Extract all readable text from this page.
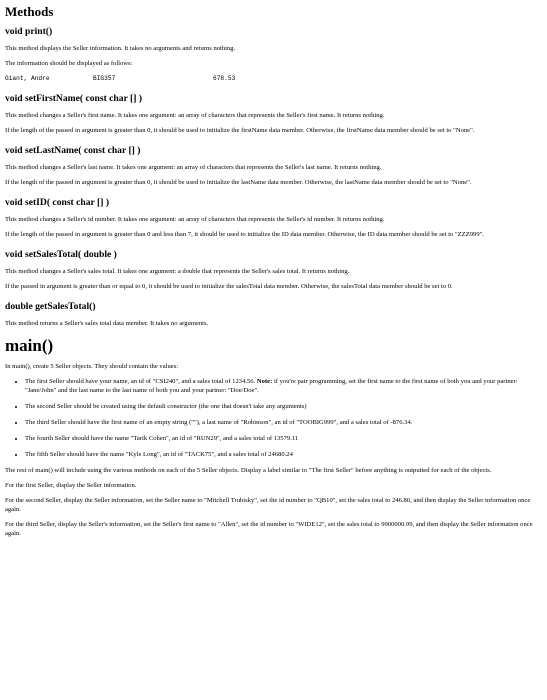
Methods
void print()

This method displays the Seller information. It takes no arguments and returns nothing.

The information should be displayed as follows:

Giant, Andre	BIG357	678.53
void setFirstName( const char [] )

This method changes a Seller's first name. It takes one argument: an array of characters that represents the Seller's first name. It returns nothing.

If the length of the passed in argument is greater than 0, it should be used to initialize the firstName data member. Otherwise, the firstName data member should be set to "None".

void setLastName( const char [] )

This method changes a Seller's last name. It takes one argument: an array of characters that represents the Seller's last name. It returns nothing.

If the length of the passed in argument is greater than 0, it should be used to initialize the lastName data member. Otherwise, the lastName data member should be set to "None".

void setID( const char [] )

This method changes a Seller's id number. It takes one argument: an array of characters that represents the Seller's id number. It returns nothing.

If the length of the passed in argument is greater than 0 and less than 7, it should be used to initialize the ID data member. Otherwise, the ID data member should be set to "ZZZ999".

void setSalesTotal( double )

This method changes a Seller's sales total. It takes one argument: a double that represents the Seller's sales total. It returns nothing.

If the passed in argument is greater than or equal to 0, it should be used to initialize the salesTotal data member. Otherwise, the salesTotal data member should be set to 0.

double getSalesTotal()

This method returns a Seller's sales total data member. It takes no arguments.

main()

In main(), create 5 Seller objects. They should contain the values:

• The first Seller should have your name, an id of "CSI240", and a sales total of 1234.56. Note: if you're pair programming, set the first name to the first name of both you and your partner: "Jane/John" and the last name to the last name of both you and your partner: "Doe/Doe".
• The second Seller should be created using the default constructor (the one that doesn't take any arguments)
• The third Seller should have the first name of an empty string (""), a last name of "Robinson", an id of "TOOBIG999", and a sales total of -876.34.
• The fourth Seller should have the name "Tarik Cohen", an id of "RUN29", and a sales total of 13579.11
• The fifth Seller should have the name "Kyle Long", an id of "TACK75", and a sales total of 24680.24

The rest of main() will include using the various methods on each of the 5 Seller objects. Display a label similar to "The first Seller" before anything is outputted for each of the objects.

For the first Seller, display the Seller information.

For the second Seller, display the Seller information, set the Seller name to "Mitchell Trubisky", set the id number to "QB10", set the sales total to 246.80, and then display the Seller information once again.

For the third Seller, display the Seller's information, set the Seller's first name to "Allen", set the id number to "WIDE12", set the sales total to 9900000.99, and then display the Seller information once again.
